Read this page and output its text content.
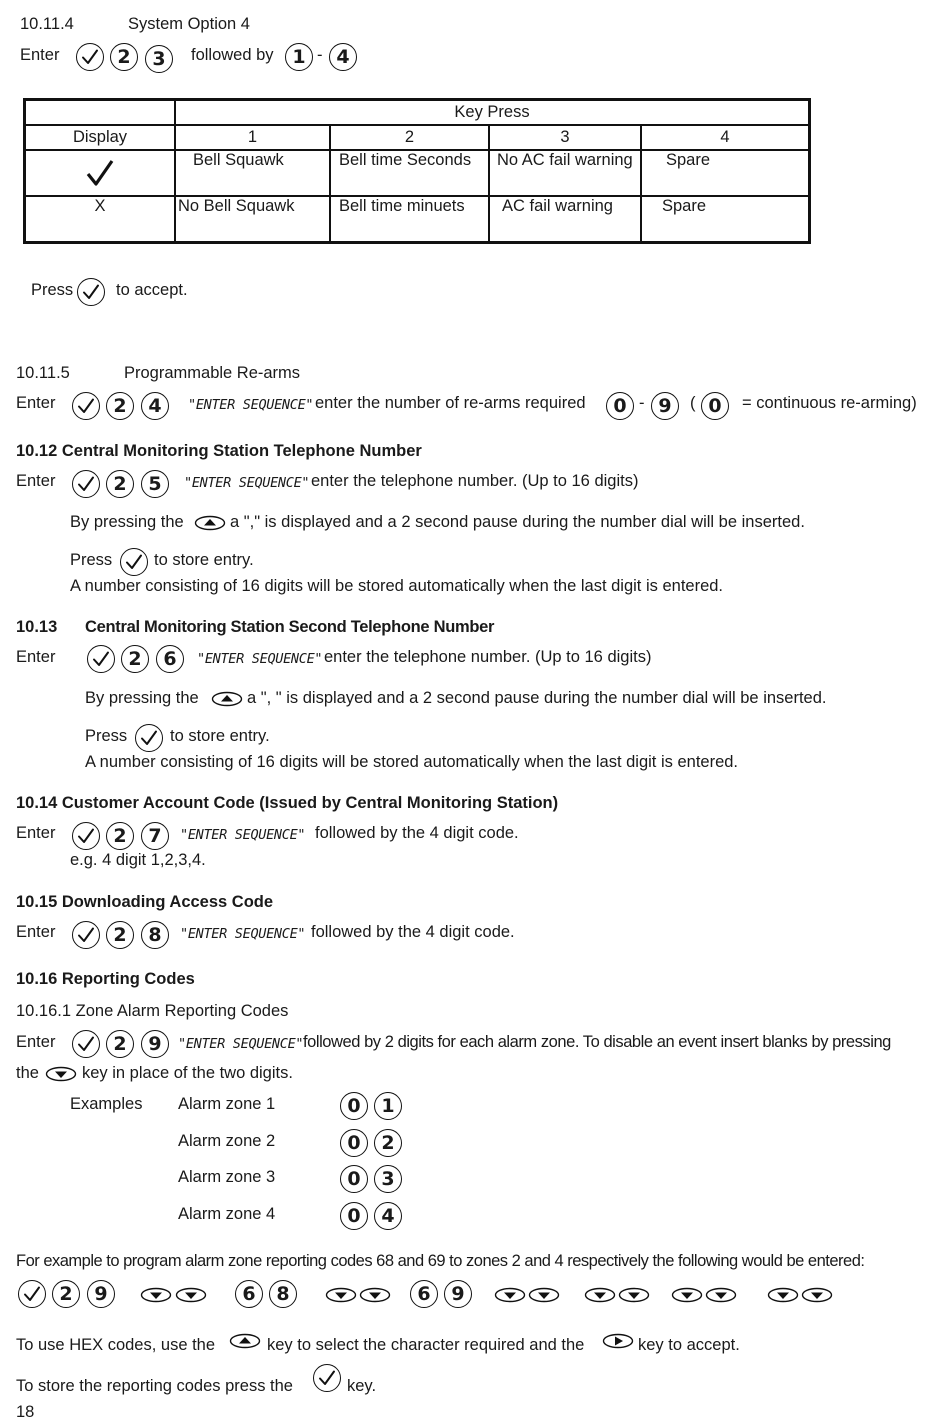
10.11.4	System Option 4
Enter	2	3	followed by 1 - 4
	Key Press			
Display	1	2	3	4
	Bell Squawk	Bell time Seconds	No AC fail warning	Spare
X	No Bell Squawk	Bell time minuets	AC fail warning	Spare
Press	to accept.
10.11.5	Programmable Re-arms
Enter	2	4	"ENTER SEQUENCE" enter the number of re-arms required	0 - 9	( 0	= continuous re-arming)
10.12 Central Monitoring Station Telephone Number
Enter	2	5	"ENTER SEQUENCE" enter the telephone number. (Up to 16 digits)
By pressing the	a "," is displayed and a 2 second pause during the number dial will be inserted.
Press	to store entry.
A number consisting of 16 digits will be stored automatically when the last digit is entered.
10.13 Central Monitoring Station Second Telephone Number
Enter	2	6	"ENTER SEQUENCE" enter the telephone number. (Up to 16 digits)
By pressing the	a ", " is displayed and a 2 second pause during the number dial will be inserted.
Press	to store entry.
A number consisting of 16 digits will be stored automatically when the last digit is entered.
10.14 Customer Account Code (Issued by Central Monitoring Station)
Enter	2	7	"ENTER SEQUENCE" followed by the 4 digit code.
e.g. 4 digit 1,2,3,4.
10.15 Downloading Access Code
Enter	2	8	"ENTER SEQUENCE" followed by the 4 digit code.
10.16 Reporting Codes
10.16.1 Zone Alarm Reporting Codes
Enter	2	9	"ENTER SEQUENCE" followed by 2 digits for each alarm zone. To disable an event insert blanks by pressing
the	key in place of the two digits.
Examples Alarm zone 1	0	1
Alarm zone 2	0	2
Alarm zone 3	0	3
Alarm zone 4	0	4
For example to program alarm zone reporting codes 68 and 69 to zones 2 and 4 respectively the following would be entered:
2	9	6	8	6	9
To use HEX codes, use the	key to select the character required and the	key to accept.
To store the reporting codes press the	key.
18
